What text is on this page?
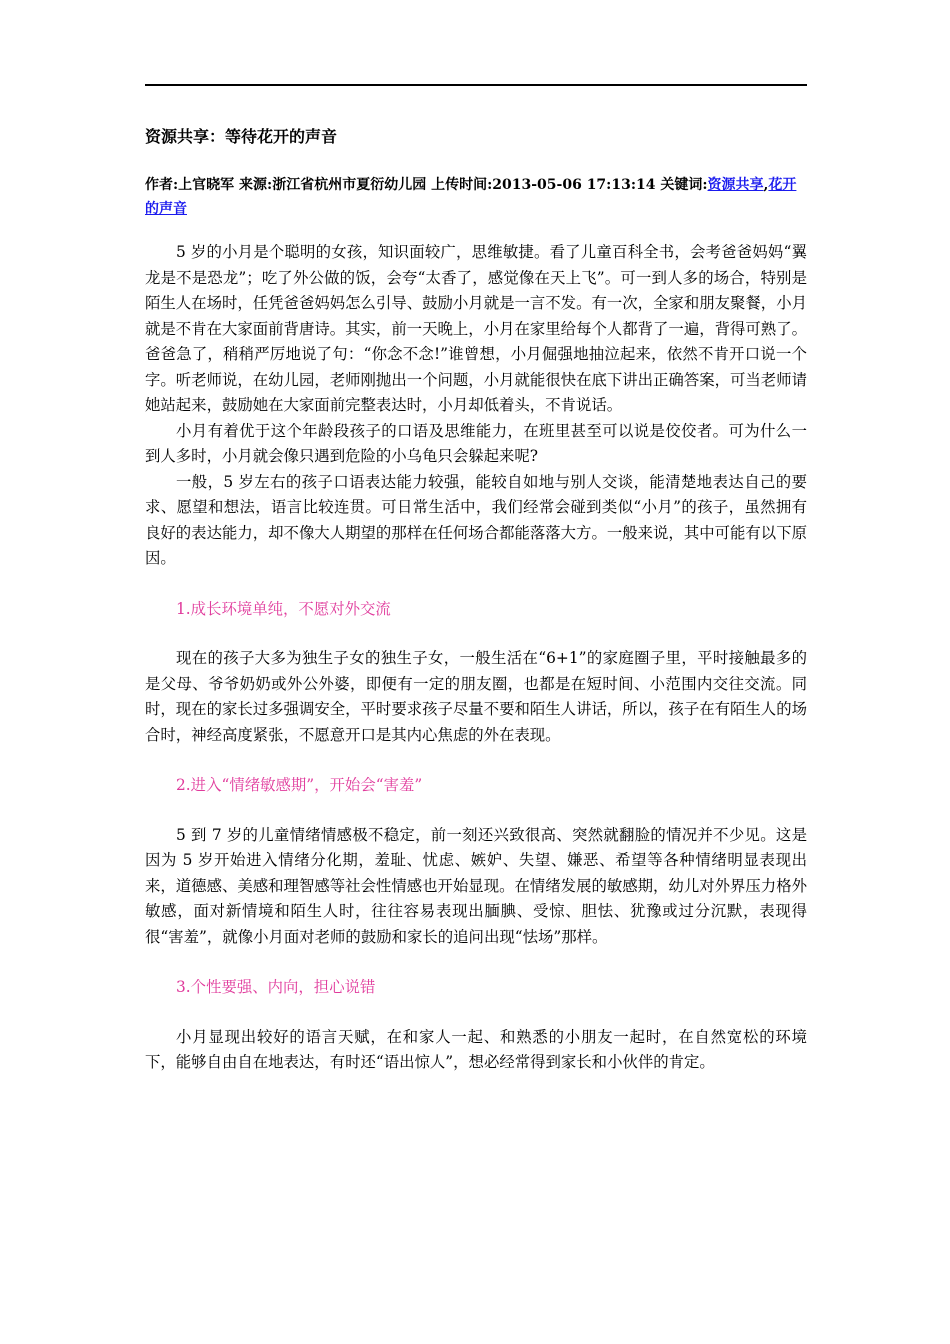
资源共享：等待花开的声音

作者:上官晓军 来源:浙江省杭州市夏衍幼儿园 上传时间:2013-05-06 17:13:14 关键词:资源共享,花开的声音

5 岁的小月是个聪明的女孩，知识面较广，思维敏捷。看了儿童百科全书，会考爸爸妈妈“翼龙是不是恐龙”；吃了外公做的饭，会夸“太香了，感觉像在天上飞”。可一到人多的场合，特别是陌生人在场时，任凭爸爸妈妈怎么引导、鼓励小月就是一言不发。有一次，全家和朋友聚餐，小月就是不肯在大家面前背唐诗。其实，前一天晚上，小月在家里给每个人都背了一遍，背得可熟了。爸爸急了，稍稍严厉地说了句：“你念不念!”谁曾想，小月倔强地抽泣起来，依然不肯开口说一个字。听老师说，在幼儿园，老师刚抛出一个问题，小月就能很快在底下讲出正确答案，可当老师请她站起来，鼓励她在大家面前完整表达时，小月却低着头，不肯说话。

小月有着优于这个年龄段孩子的口语及思维能力，在班里甚至可以说是佼佼者。可为什么一到人多时，小月就会像只遇到危险的小乌龟只会躲起来呢?

一般，5 岁左右的孩子口语表达能力较强，能较自如地与别人交谈，能清楚地表达自己的要求、愿望和想法，语言比较连贯。可日常生活中，我们经常会碰到类似“小月”的孩子，虽然拥有良好的表达能力，却不像大人期望的那样在任何场合都能落落大方。一般来说，其中可能有以下原因。

1.成长环境单纯，不愿对外交流

现在的孩子大多为独生子女的独生子女，一般生活在“6+1”的家庭圈子里，平时接触最多的是父母、爷爷奶奶或外公外婆，即便有一定的朋友圈，也都是在短时间、小范围内交往交流。同时，现在的家长过多强调安全，平时要求孩子尽量不要和陌生人讲话，所以，孩子在有陌生人的场合时，神经高度紧张，不愿意开口是其内心焦虑的外在表现。

2.进入“情绪敏感期”，开始会“害羞”

5 到 7 岁的儿童情绪情感极不稳定，前一刻还兴致很高、突然就翻脸的情况并不少见。这是因为 5 岁开始进入情绪分化期，羞耻、忧虑、嫉妒、失望、嫌恶、希望等各种情绪明显表现出来，道德感、美感和理智感等社会性情感也开始显现。在情绪发展的敏感期，幼儿对外界压力格外敏感，面对新情境和陌生人时，往往容易表现出腼腆、受惊、胆怯、犹豫或过分沉默，表现得很“害羞”，就像小月面对老师的鼓励和家长的追问出现“怯场”那样。

3.个性要强、内向，担心说错

小月显现出较好的语言天赋，在和家人一起、和熟悉的小朋友一起时，在自然宽松的环境下，能够自由自在地表达，有时还“语出惊人”，想必经常得到家长和小伙伴的肯定。
